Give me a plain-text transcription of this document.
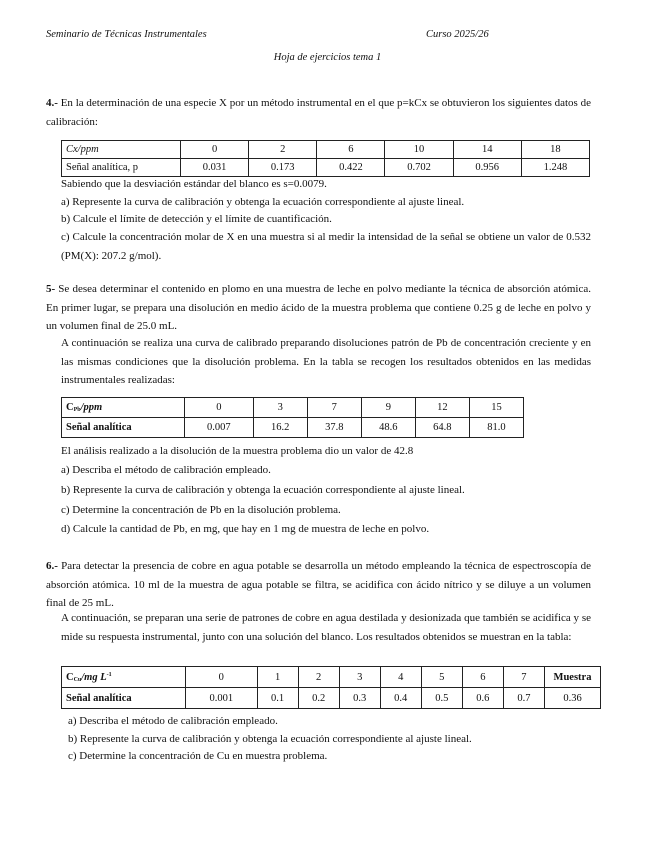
Seminario de Técnicas Instrumentales	Curso 2025/26
Hoja de ejercicios tema 1

4.- En la determinación de una especie X por un método instrumental en el que p=kCx se obtuvieron los siguientes datos de calibración:

Cx/ppm	0	2	6	10	14	18
Señal analítica, p	0.031	0.173	0.422	0.702	0.956	1.248

Sabiendo que la desviación estándar del blanco es s=0.0079.

a) Represente la curva de calibración y obtenga la ecuación correspondiente al ajuste lineal.

b) Calcule el límite de detección y el límite de cuantificación.

c) Calcule la concentración molar de X en una muestra si al medir la intensidad de la señal se obtiene un valor de 0.532 (PM(X): 207.2 g/mol).

5- Se desea determinar el contenido en plomo en una muestra de leche en polvo mediante la técnica de absorción atómica. En primer lugar, se prepara una disolución en medio ácido de la muestra problema que contiene 0.25 g de leche en polvo y un volumen final de 25.0 mL.

A continuación se realiza una curva de calibrado preparando disoluciones patrón de Pb de concentración creciente y en las mismas condiciones que la disolución problema. En la tabla se recogen los resultados obtenidos en las medidas instrumentales realizadas:

CPb/ppm	0	3	7	9	12	15
Señal analítica	0.007	16.2	37.8	48.6	64.8	81.0

El análisis realizado a la disolución de la muestra problema dio un valor de 42.8

a) Describa el método de calibración empleado.

b) Represente la curva de calibración y obtenga la ecuación correspondiente al ajuste lineal.

c) Determine la concentración de Pb en la disolución problema.

d) Calcule la cantidad de Pb, en mg, que hay en 1 mg de muestra de leche en polvo.

6.- Para detectar la presencia de cobre en agua potable se desarrolla un método empleando la técnica de espectroscopía de absorción atómica. 10 ml de la muestra de agua potable se filtra, se acidifica con ácido nítrico y se diluye a un volumen final de 25 mL.

A continuación, se preparan una serie de patrones de cobre en agua destilada y desionizada que también se acidifica y se mide su respuesta instrumental, junto con una solución del blanco. Los resultados obtenidos se muestran en la tabla:

CCu/mg $L^{-1}$	0	1	2	3	4	5	6	7	Muestra
Señal analítica	0.001	0.1	0.2	0.3	0.4	0.5	0.6	0.7	0.36

a) Describa el método de calibración empleado.

b) Represente la curva de calibración y obtenga la ecuación correspondiente al ajuste lineal.

c) Determine la concentración de Cu en muestra problema.
